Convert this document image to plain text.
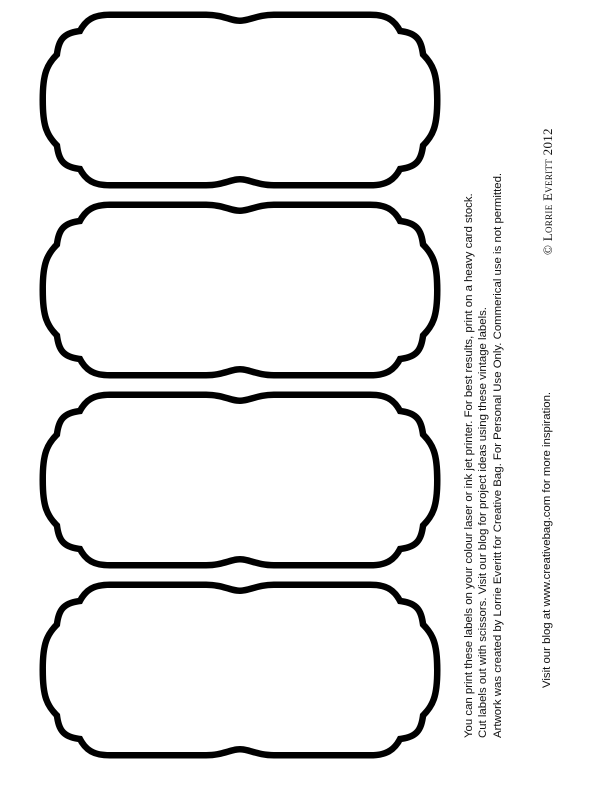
You can print these labels on your colour laser or ink jet printer. For best results, print on a heavy card stock. Cut labels out with scissors. Visit our blog for project ideas using these vintage labels. Artwork was created by Lorrie Everitt for Creative Bag. For Personal Use Only. Commerical use is not permitted.	Visit our blog at www.creativebag.com for more inspiration.
© Lorrie Everitt 2012
